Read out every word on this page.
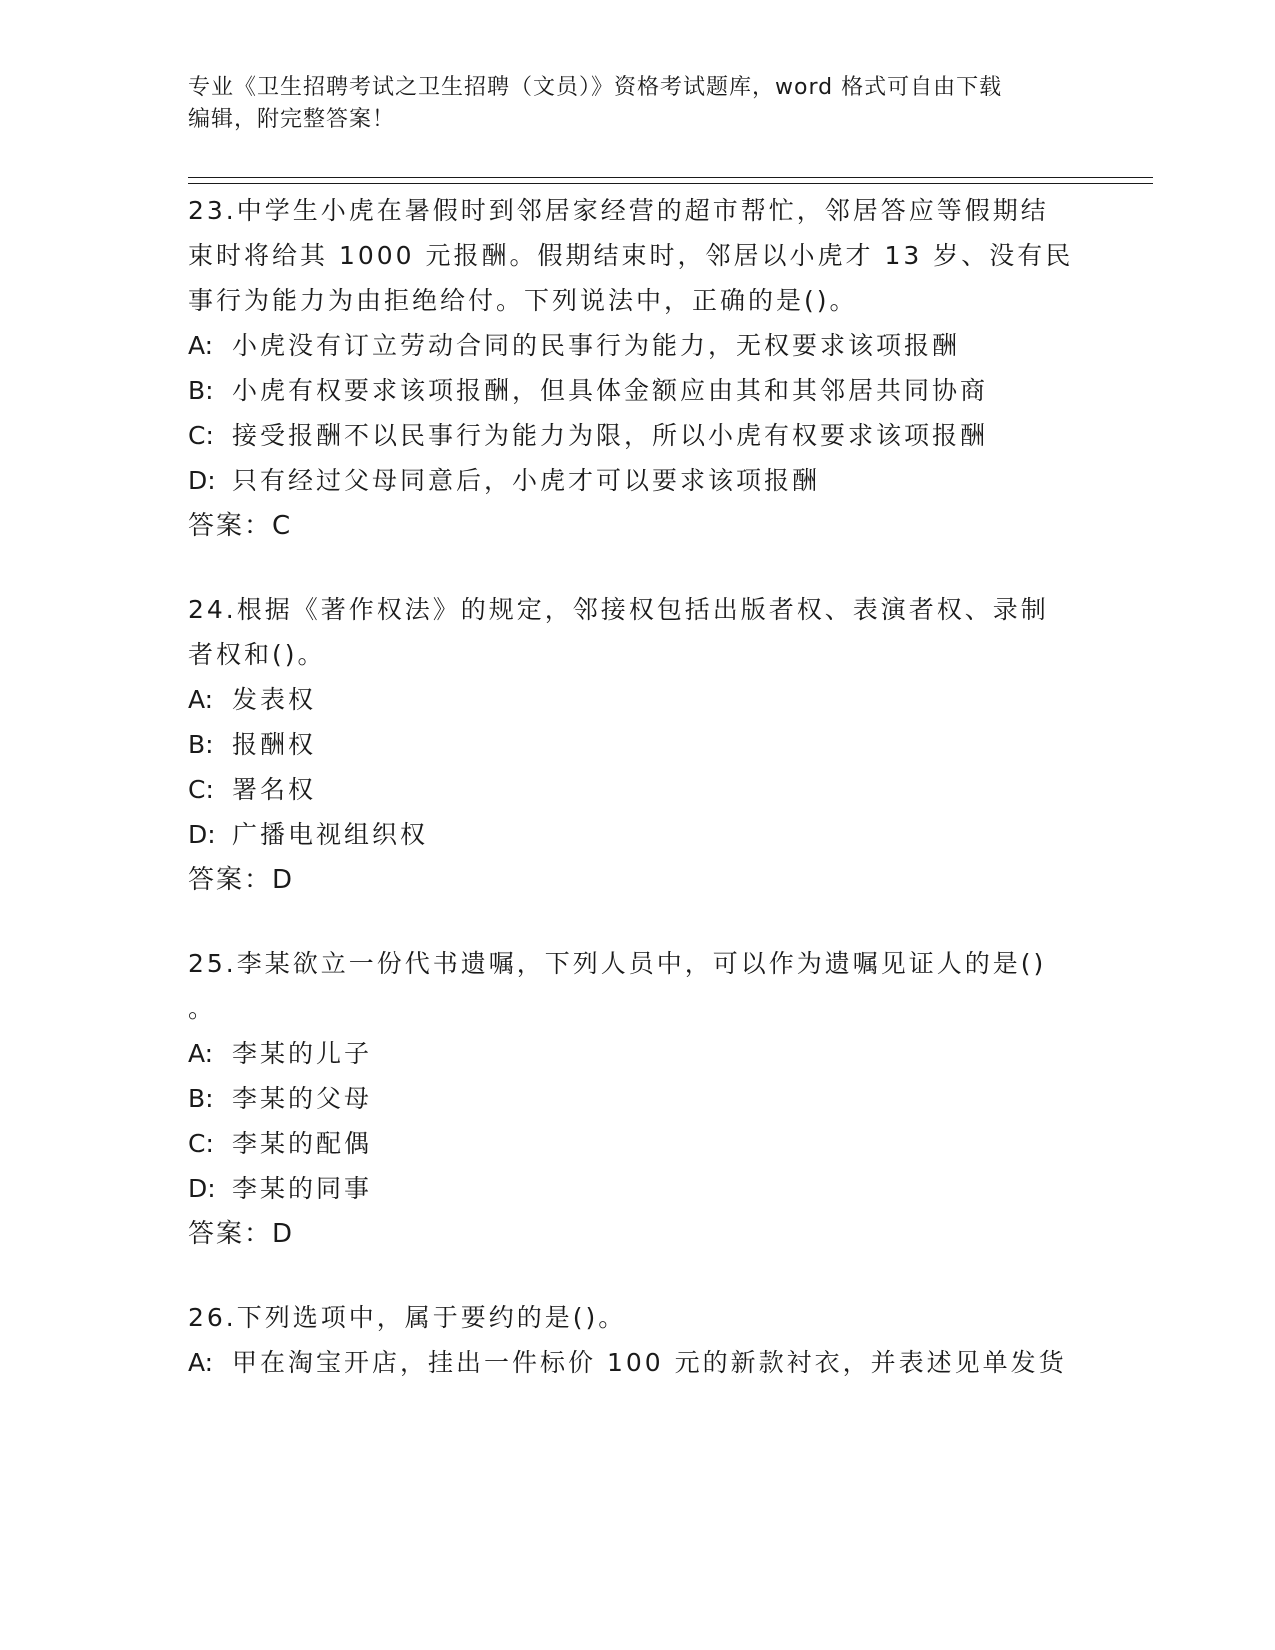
专业《卫生招聘考试之卫生招聘（文员）》资格考试题库，word 格式可自由下载
编辑，附完整答案！
23.中学生小虎在暑假时到邻居家经营的超市帮忙，邻居答应等假期结
束时将给其 1000 元报酬。假期结束时，邻居以小虎才 13 岁、没有民
事行为能力为由拒绝给付。下列说法中，正确的是()。
A: 小虎没有订立劳动合同的民事行为能力，无权要求该项报酬
B: 小虎有权要求该项报酬，但具体金额应由其和其邻居共同协商
C: 接受报酬不以民事行为能力为限，所以小虎有权要求该项报酬
D: 只有经过父母同意后，小虎才可以要求该项报酬
答案：C
24.根据《著作权法》的规定，邻接权包括出版者权、表演者权、录制
者权和()。
A: 发表权
B: 报酬权
C: 署名权
D: 广播电视组织权
答案：D
25.李某欲立一份代书遗嘱，下列人员中，可以作为遗嘱见证人的是()
。
A: 李某的儿子
B: 李某的父母
C: 李某的配偶
D: 李某的同事
答案：D
26.下列选项中，属于要约的是()。
A: 甲在淘宝开店，挂出一件标价 100 元的新款衬衣，并表述见单发货
